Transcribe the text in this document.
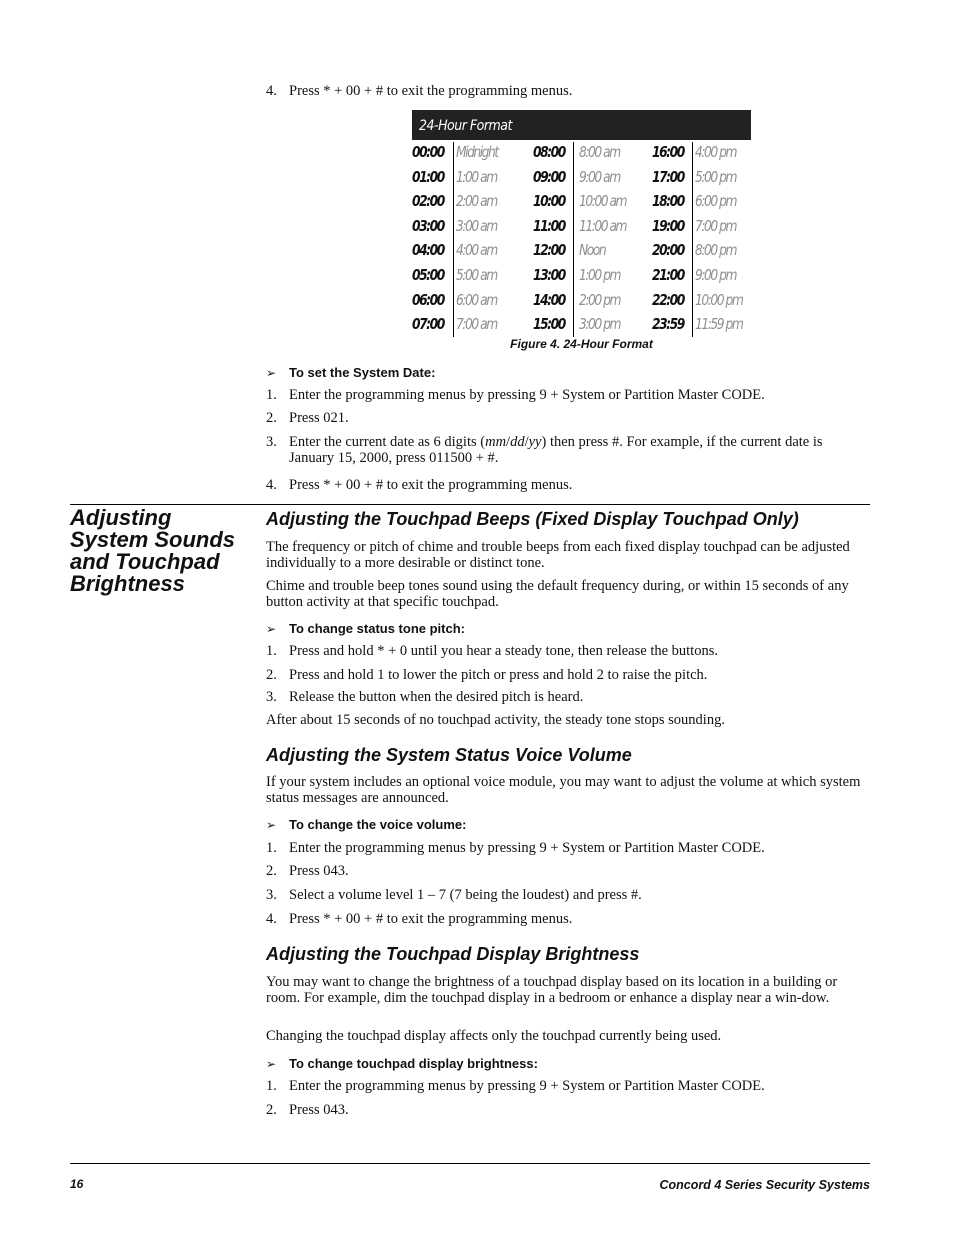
4. Press * + 00 + # to exit the programming menus.
24-Hour Format
00:00
01:00
02:00
03:00
04:00
05:00
06:00
07:00
Midnight
1:00 am
2:00 am
3:00 am
4:00 am
5:00 am
6:00 am
7:00 am
08:00
09:00
10:00
11:00
12:00
13:00
14:00
15:00
8:00 am
9:00 am
10:00 am
11:00 am
Noon
1:00 pm
2:00 pm
3:00 pm
16:00
17:00
18:00
19:00
20:00
21:00
22:00
23:59
4:00 pm
5:00 pm
6:00 pm
7:00 pm
8:00 pm
9:00 pm
10:00 pm
11:59 pm
Figure 4. 24-Hour Format
➢ To set the System Date:
1. Enter the programming menus by pressing 9 + System or Partition Master CODE.
2. Press 021.
3. Enter the current date as 6 digits (mm/dd/yy) then press #. For example, if the current date is January 15, 2000, press 011500 + #.
4. Press * + 00 + # to exit the programming menus.
Adjusting System Sounds and Touchpad Brightness
Adjusting the Touchpad Beeps (Fixed Display Touchpad Only)
The frequency or pitch of chime and trouble beeps from each fixed display touchpad can be adjusted individually to a more desirable or distinct tone.
Chime and trouble beep tones sound using the default frequency during, or within 15 seconds of any button activity at that specific touchpad.
➢ To change status tone pitch:
1. Press and hold * + 0 until you hear a steady tone, then release the buttons.
2. Press and hold 1 to lower the pitch or press and hold 2 to raise the pitch.
3. Release the button when the desired pitch is heard.
After about 15 seconds of no touchpad activity, the steady tone stops sounding.
Adjusting the System Status Voice Volume
If your system includes an optional voice module, you may want to adjust the volume at which system status messages are announced.
➢ To change the voice volume:
1. Enter the programming menus by pressing 9 + System or Partition Master CODE.
2. Press 043.
3. Select a volume level 1 – 7 (7 being the loudest) and press #.
4. Press * + 00 + # to exit the programming menus.
Adjusting the Touchpad Display Brightness
You may want to change the brightness of a touchpad display based on its location in a building or room. For example, dim the touchpad display in a bedroom or enhance a display near a win-dow.
Changing the touchpad display affects only the touchpad currently being used.
➢ To change touchpad display brightness:
1. Enter the programming menus by pressing 9 + System or Partition Master CODE.
2. Press 043.
16	Concord 4 Series Security Systems
